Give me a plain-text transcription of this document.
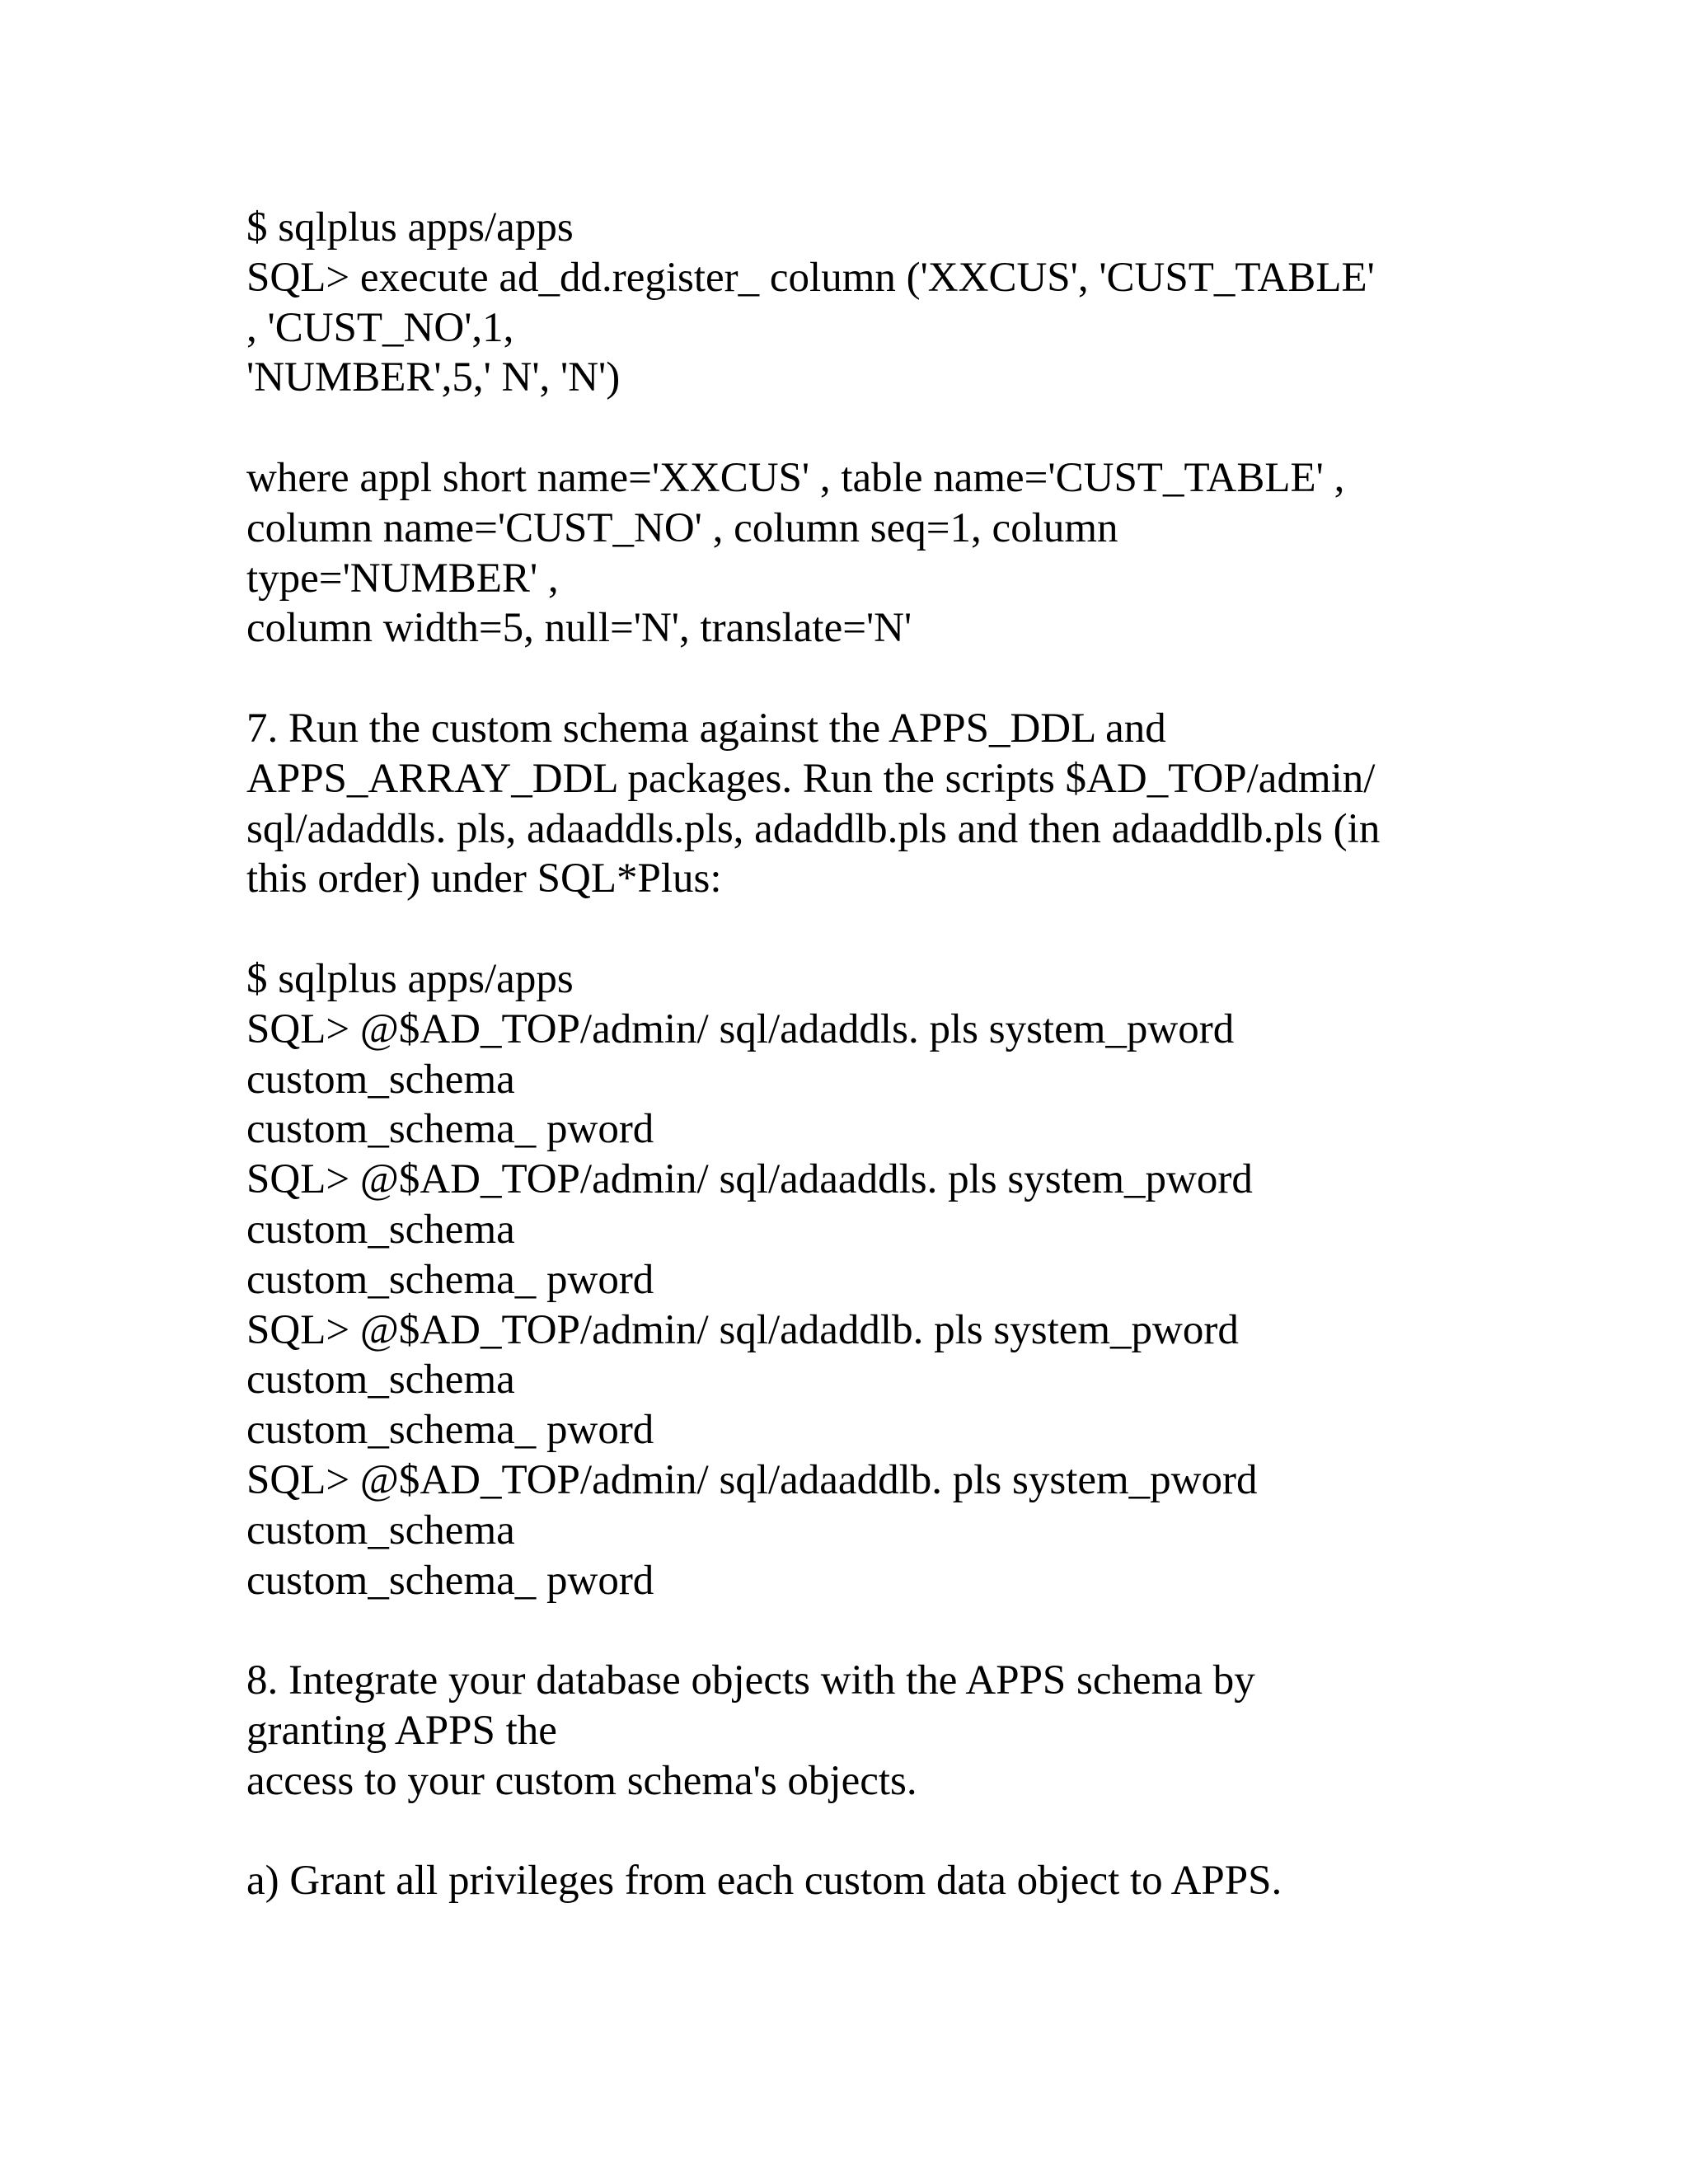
$ sqlplus apps/apps
SQL> execute ad_dd.register_ column ('XXCUS', 'CUST_TABLE'
, 'CUST_NO',1,
'NUMBER',5,' N', 'N')
where appl short name='XXCUS' , table name='CUST_TABLE' ,
column name='CUST_NO' , column seq=1, column
type='NUMBER' ,
column width=5, null='N', translate='N'
7. Run the custom schema against the APPS_DDL and
APPS_ARRAY_DDL packages. Run the scripts $AD_TOP/admin/
sql/adaddls. pls, adaaddls.pls, adaddlb.pls and then adaaddlb.pls (in
this order) under SQL*Plus:
$ sqlplus apps/apps
SQL> @$AD_TOP/admin/ sql/adaddls. pls system_pword
custom_schema
custom_schema_ pword
SQL> @$AD_TOP/admin/ sql/adaaddls. pls system_pword
custom_schema
custom_schema_ pword
SQL> @$AD_TOP/admin/ sql/adaddlb. pls system_pword
custom_schema
custom_schema_ pword
SQL> @$AD_TOP/admin/ sql/adaaddlb. pls system_pword
custom_schema
custom_schema_ pword
8. Integrate your database objects with the APPS schema by
granting APPS the
access to your custom schema's objects.
a) Grant all privileges from each custom data object to APPS.
